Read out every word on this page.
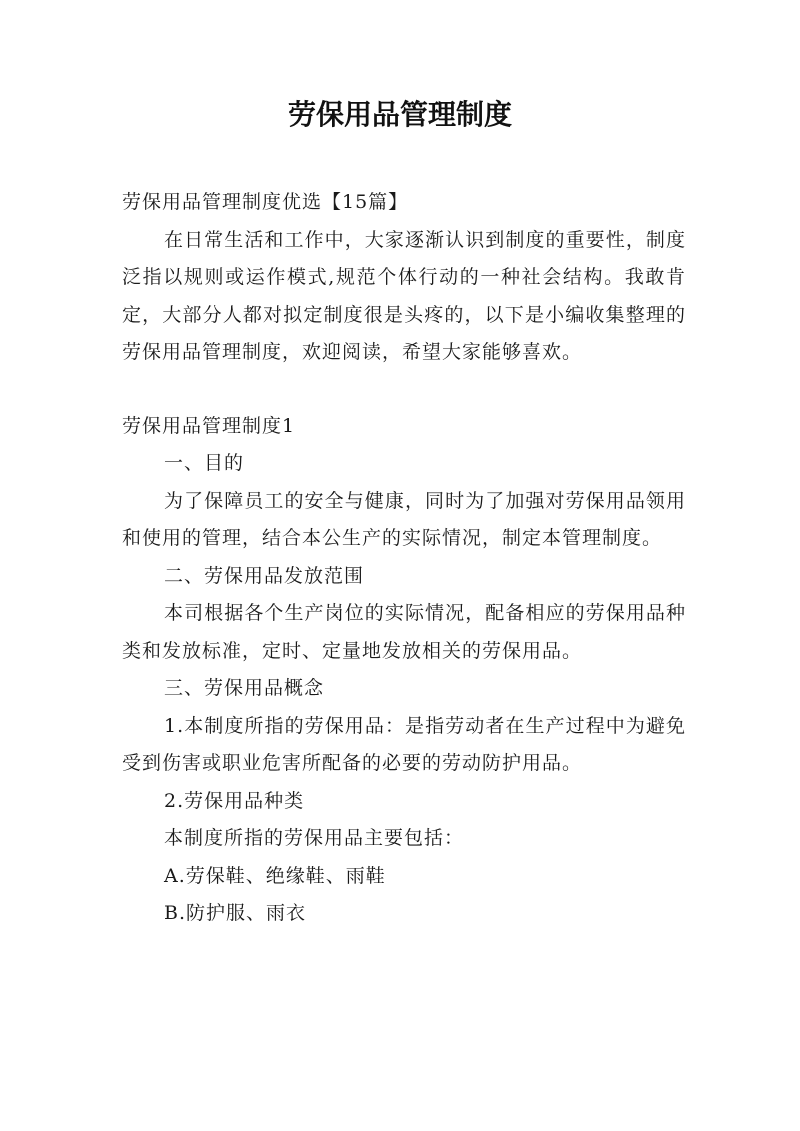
劳保用品管理制度

劳保用品管理制度优选【15篇】

在日常生活和工作中，大家逐渐认识到制度的重要性，制度泛指以规则或运作模式,规范个体行动的一种社会结构。我敢肯定，大部分人都对拟定制度很是头疼的，以下是小编收集整理的劳保用品管理制度，欢迎阅读，希望大家能够喜欢。

劳保用品管理制度1

一、目的

为了保障员工的安全与健康，同时为了加强对劳保用品领用和使用的管理，结合本公生产的实际情况，制定本管理制度。

二、劳保用品发放范围

本司根据各个生产岗位的实际情况，配备相应的劳保用品种类和发放标准，定时、定量地发放相关的劳保用品。

三、劳保用品概念

1.本制度所指的劳保用品：是指劳动者在生产过程中为避免受到伤害或职业危害所配备的必要的劳动防护用品。

2.劳保用品种类

本制度所指的劳保用品主要包括：

A.劳保鞋、绝缘鞋、雨鞋
B.防护服、雨衣
